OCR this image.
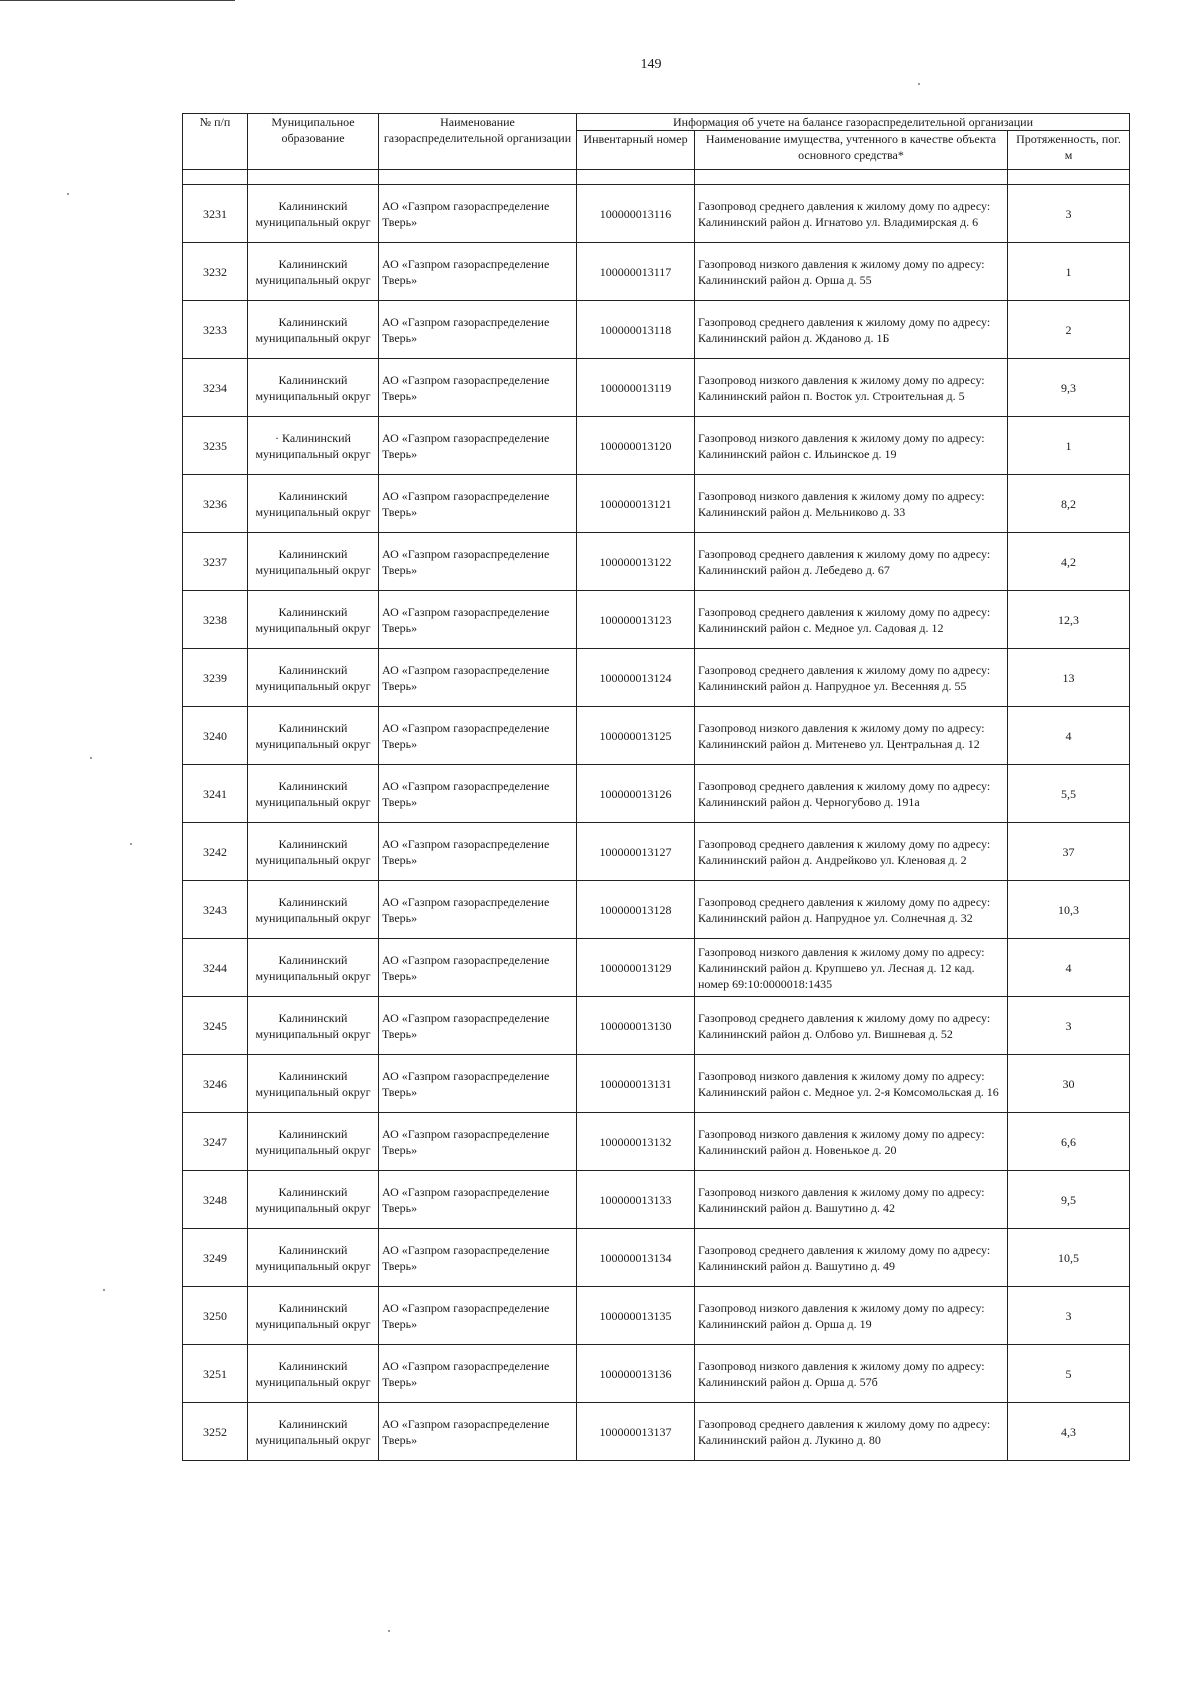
149
№ п/п	Муниципальное образование	Наименование газораспределительной организации	Информация об учете на балансе газораспределительной организации		
			Инвентарный номер	Наименование имущества, учтенного в качестве объекта основного средства*	Протяженность, пог. м

3231	Калининский муниципальный округ	АО «Газпром газораспределение Тверь»	100000013116	Газопровод среднего давления к жилому дому по адресу: Калининский район д. Игнатово ул. Владимирская д. 6	3
3232	Калининский муниципальный округ	АО «Газпром газораспределение Тверь»	100000013117	Газопровод низкого давления к жилому дому по адресу: Калининский район д. Орша д. 55	1
3233	Калининский муниципальный округ	АО «Газпром газораспределение Тверь»	100000013118	Газопровод среднего давления к жилому дому по адресу: Калининский район д. Жданово д. 1Б	2
3234	Калининский муниципальный округ	АО «Газпром газораспределение Тверь»	100000013119	Газопровод низкого давления к жилому дому по адресу: Калининский район п. Восток ул. Строительная д. 5	9,3
3235	· Калининский муниципальный округ	АО «Газпром газораспределение Тверь»	100000013120	Газопровод низкого давления к жилому дому по адресу: Калининский район с. Ильинское д. 19	1
3236	Калининский муниципальный округ	АО «Газпром газораспределение Тверь»	100000013121	Газопровод низкого давления к жилому дому по адресу: Калининский район д. Мельниково д. 33	8,2
3237	Калининский муниципальный округ	АО «Газпром газораспределение Тверь»	100000013122	Газопровод среднего давления к жилому дому по адресу: Калининский район д. Лебедево д. 67	4,2
3238	Калининский муниципальный округ	АО «Газпром газораспределение Тверь»	100000013123	Газопровод среднего давления к жилому дому по адресу: Калининский район с. Медное ул. Садовая д. 12	12,3
3239	Калининский муниципальный округ	АО «Газпром газораспределение Тверь»	100000013124	Газопровод среднего давления к жилому дому по адресу: Калининский район д. Напрудное ул. Весенняя д. 55	13
3240	Калининский муниципальный округ	АО «Газпром газораспределение Тверь»	100000013125	Газопровод низкого давления к жилому дому по адресу: Калининский район д. Митенево ул. Центральная д. 12	4
3241	Калининский муниципальный округ	АО «Газпром газораспределение Тверь»	100000013126	Газопровод среднего давления к жилому дому по адресу: Калининский район д. Черногубово д. 191а	5,5
3242	Калининский муниципальный округ	АО «Газпром газораспределение Тверь»	100000013127	Газопровод среднего давления к жилому дому по адресу: Калининский район д. Андрейково ул. Кленовая д. 2	37
3243	Калининский муниципальный округ	АО «Газпром газораспределение Тверь»	100000013128	Газопровод среднего давления к жилому дому по адресу: Калининский район д. Напрудное ул. Солнечная д. 32	10,3
3244	Калининский муниципальный округ	АО «Газпром газораспределение Тверь»	100000013129	Газопровод низкого давления к жилому дому по адресу: Калининский район д. Крупшево ул. Лесная д. 12 кад. номер 69:10:0000018:1435	4
3245	Калининский муниципальный округ	АО «Газпром газораспределение Тверь»	100000013130	Газопровод среднего давления к жилому дому по адресу: Калининский район д. Олбово ул. Вишневая д. 52	3
3246	Калининский муниципальный округ	АО «Газпром газораспределение Тверь»	100000013131	Газопровод низкого давления к жилому дому по адресу: Калининский район с. Медное ул. 2-я Комсомольская д. 16	30
3247	Калининский муниципальный округ	АО «Газпром газораспределение Тверь»	100000013132	Газопровод низкого давления к жилому дому по адресу: Калининский район д. Новенькое д. 20	6,6
3248	Калининский муниципальный округ	АО «Газпром газораспределение Тверь»	100000013133	Газопровод низкого давления к жилому дому по адресу: Калининский район д. Вашутино д. 42	9,5
3249	Калининский муниципальный округ	АО «Газпром газораспределение Тверь»	100000013134	Газопровод среднего давления к жилому дому по адресу: Калининский район д. Вашутино д. 49	10,5
3250	Калининский муниципальный округ	АО «Газпром газораспределение Тверь»	100000013135	Газопровод низкого давления к жилому дому по адресу: Калининский район д. Орша д. 19	3
3251	Калининский муниципальный округ	АО «Газпром газораспределение Тверь»	100000013136	Газопровод низкого давления к жилому дому по адресу: Калининский район д. Орша д. 57б	5
3252	Калининский муниципальный округ	АО «Газпром газораспределение Тверь»	100000013137	Газопровод среднего давления к жилому дому по адресу: Калининский район д. Лукино д. 80	4,3
